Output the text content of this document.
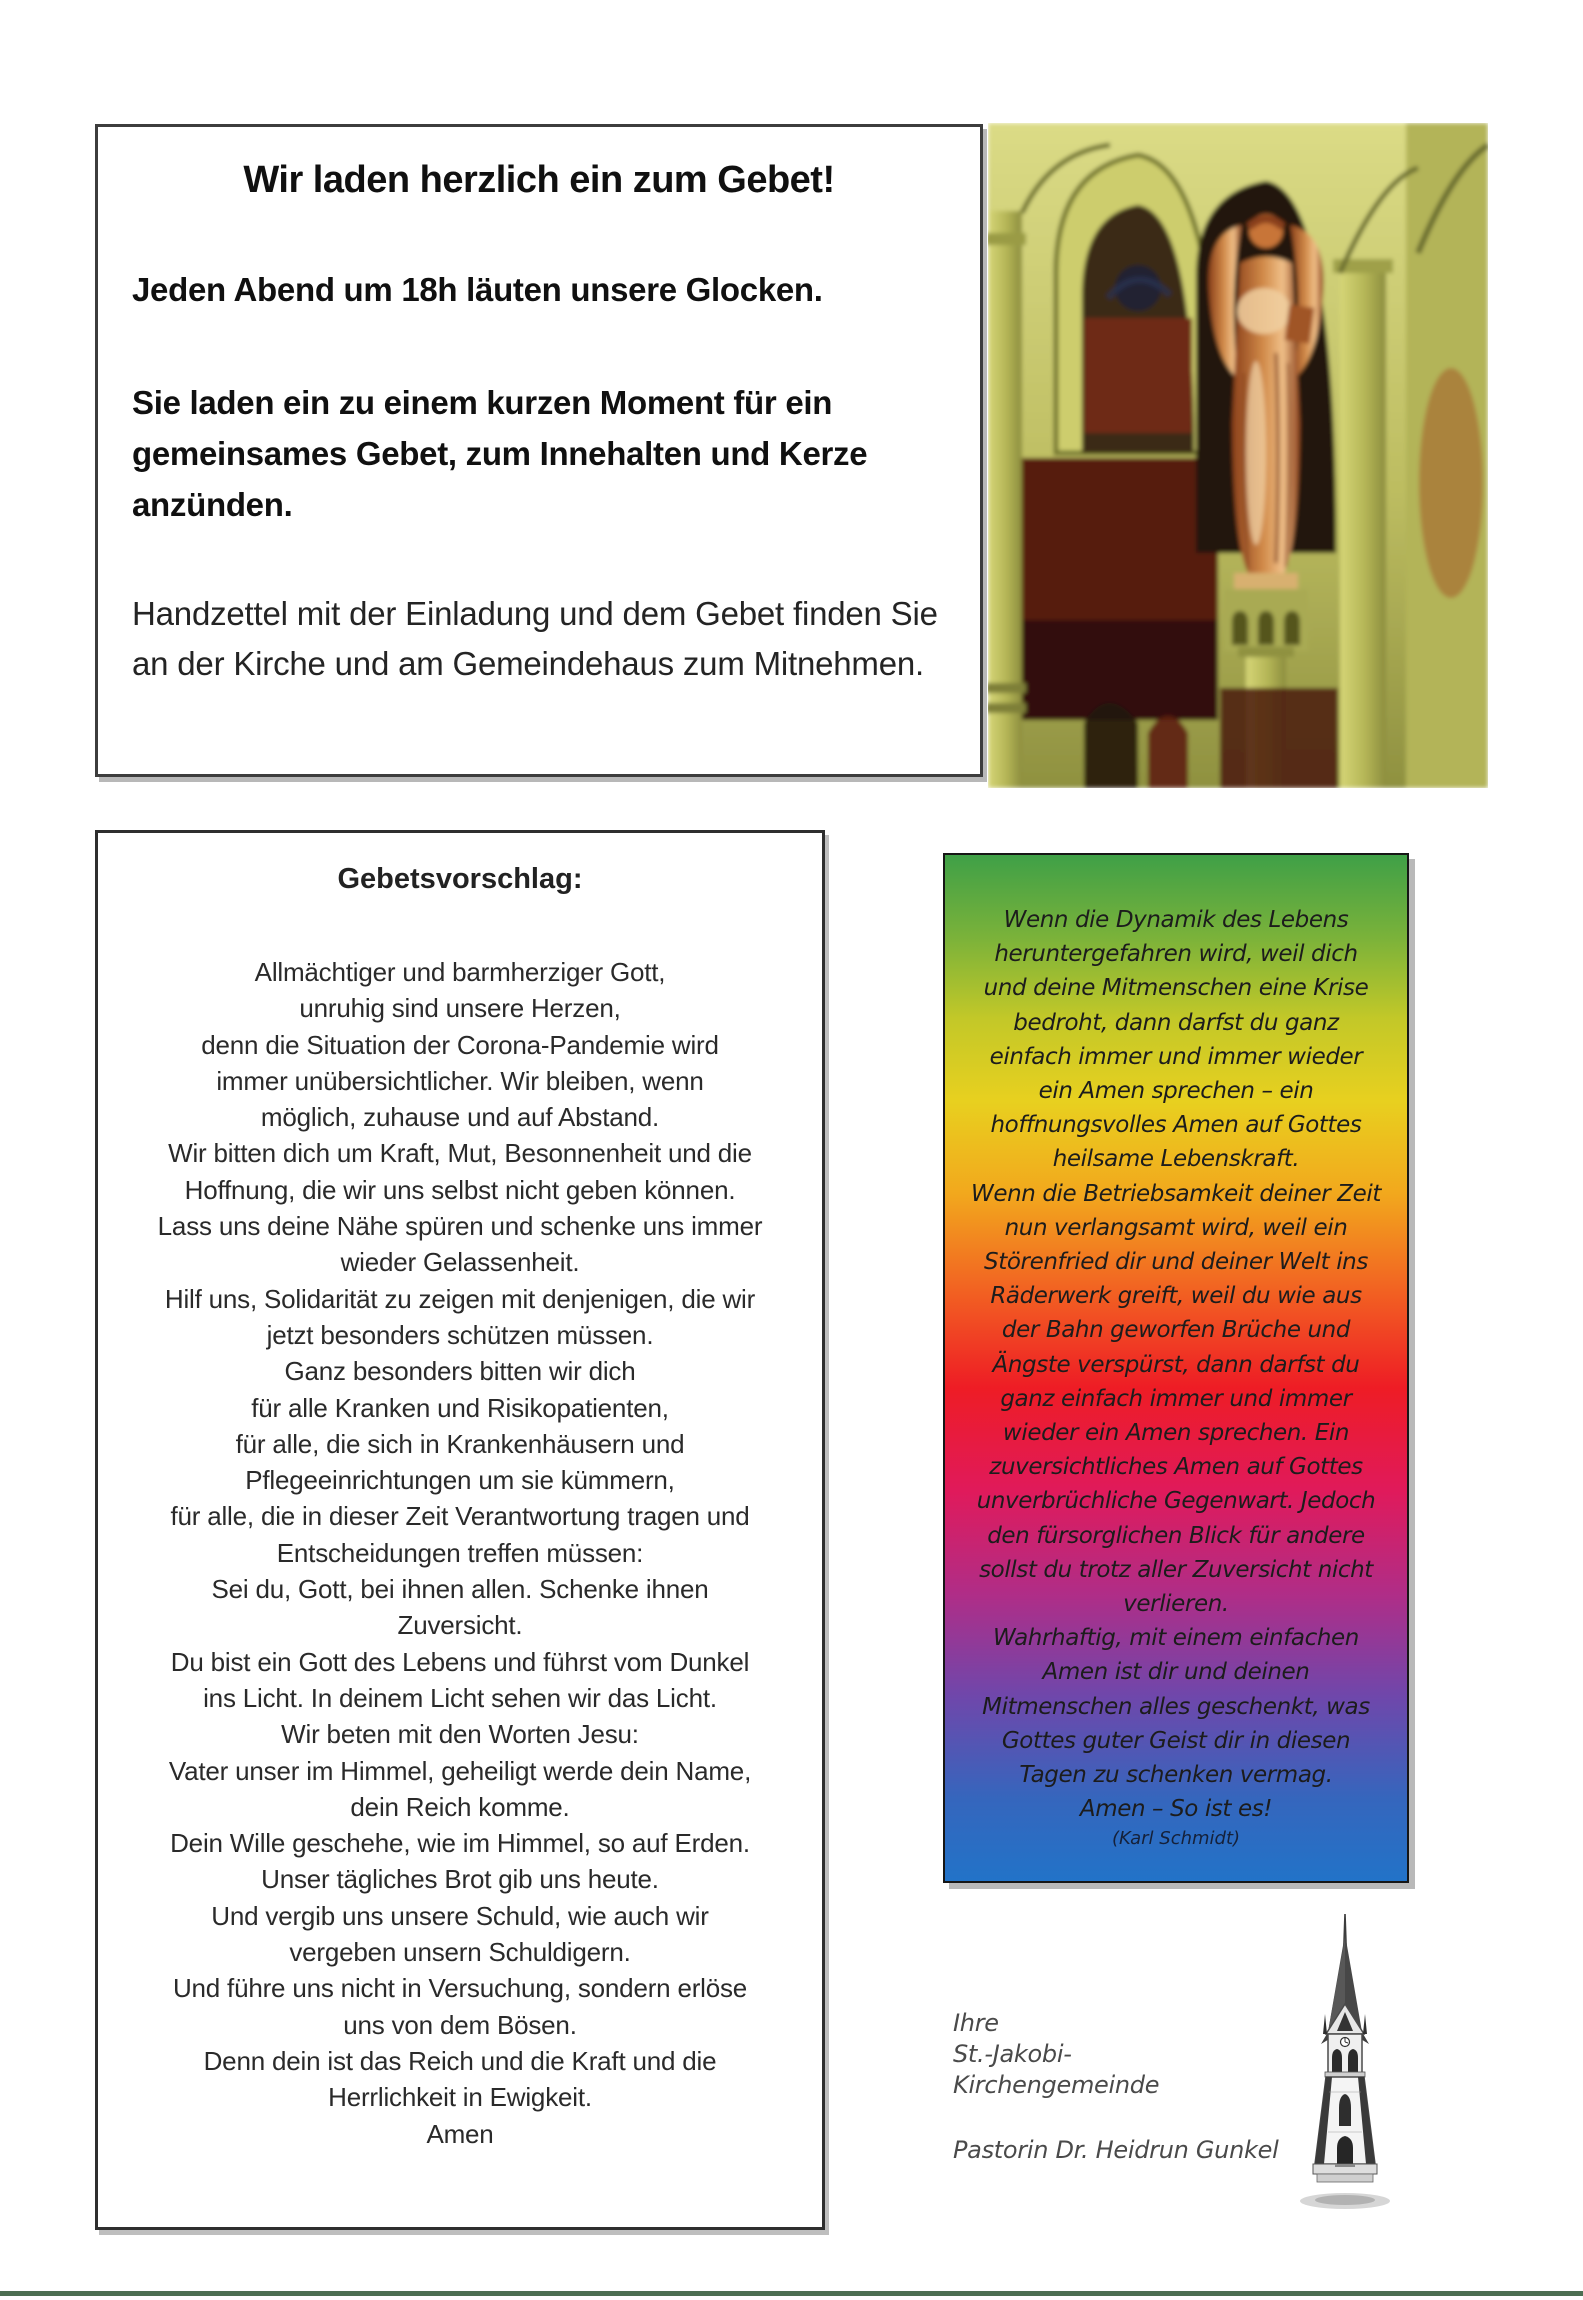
Wir laden herzlich ein zum Gebet!

Jeden Abend um 18h läuten unsere Glocken.

Sie laden ein zu einem kurzen Moment für ein gemeinsames Gebet, zum Innehalten und Kerze anzünden.

Handzettel mit der Einladung und dem Gebet finden Sie an der Kirche und am Gemeindehaus zum Mitnehmen.

Gebetsvorschlag:
Allmächtiger und barmherziger Gott,
unruhig sind unsere Herzen,
denn die Situation der Corona-Pandemie wird
immer unübersichtlicher. Wir bleiben, wenn
möglich, zuhause und auf Abstand.
Wir bitten dich um Kraft, Mut, Besonnenheit und die
Hoffnung, die wir uns selbst nicht geben können.
Lass uns deine Nähe spüren und schenke uns immer
wieder Gelassenheit.
Hilf uns, Solidarität zu zeigen mit denjenigen, die wir
jetzt besonders schützen müssen.
Ganz besonders bitten wir dich
für alle Kranken und Risikopatienten,
für alle, die sich in Krankenhäusern und
Pflegeeinrichtungen um sie kümmern,
für alle, die in dieser Zeit Verantwortung tragen und
Entscheidungen treffen müssen:
Sei du, Gott, bei ihnen allen. Schenke ihnen
Zuversicht.
Du bist ein Gott des Lebens und führst vom Dunkel
ins Licht. In deinem Licht sehen wir das Licht.
Wir beten mit den Worten Jesu:
Vater unser im Himmel, geheiligt werde dein Name,
dein Reich komme.
Dein Wille geschehe, wie im Himmel, so auf Erden.
Unser tägliches Brot gib uns heute.
Und vergib uns unsere Schuld, wie auch wir
vergeben unsern Schuldigern.
Und führe uns nicht in Versuchung, sondern erlöse
uns von dem Bösen.
Denn dein ist das Reich und die Kraft und die
Herrlichkeit in Ewigkeit.
Amen
Wenn die Dynamik des Lebens
heruntergefahren wird, weil dich
und deine Mitmenschen eine Krise
bedroht, dann darfst du ganz
einfach immer und immer wieder
ein Amen sprechen – ein
hoffnungsvolles Amen auf Gottes
heilsame Lebenskraft.
Wenn die Betriebsamkeit deiner Zeit
nun verlangsamt wird, weil ein
Störenfried dir und deiner Welt ins
Räderwerk greift, weil du wie aus
der Bahn geworfen Brüche und
Ängste verspürst, dann darfst du
ganz einfach immer und immer
wieder ein Amen sprechen. Ein
zuversichtliches Amen auf Gottes
unverbrüchliche Gegenwart. Jedoch
den fürsorglichen Blick für andere
sollst du trotz aller Zuversicht nicht
verlieren.
Wahrhaftig, mit einem einfachen
Amen ist dir und deinen
Mitmenschen alles geschenkt, was
Gottes guter Geist dir in diesen
Tagen zu schenken vermag.
Amen – So ist es!
(Karl Schmidt)
Ihre
St.-Jakobi-
Kirchengemeinde
Pastorin Dr. Heidrun Gunkel
